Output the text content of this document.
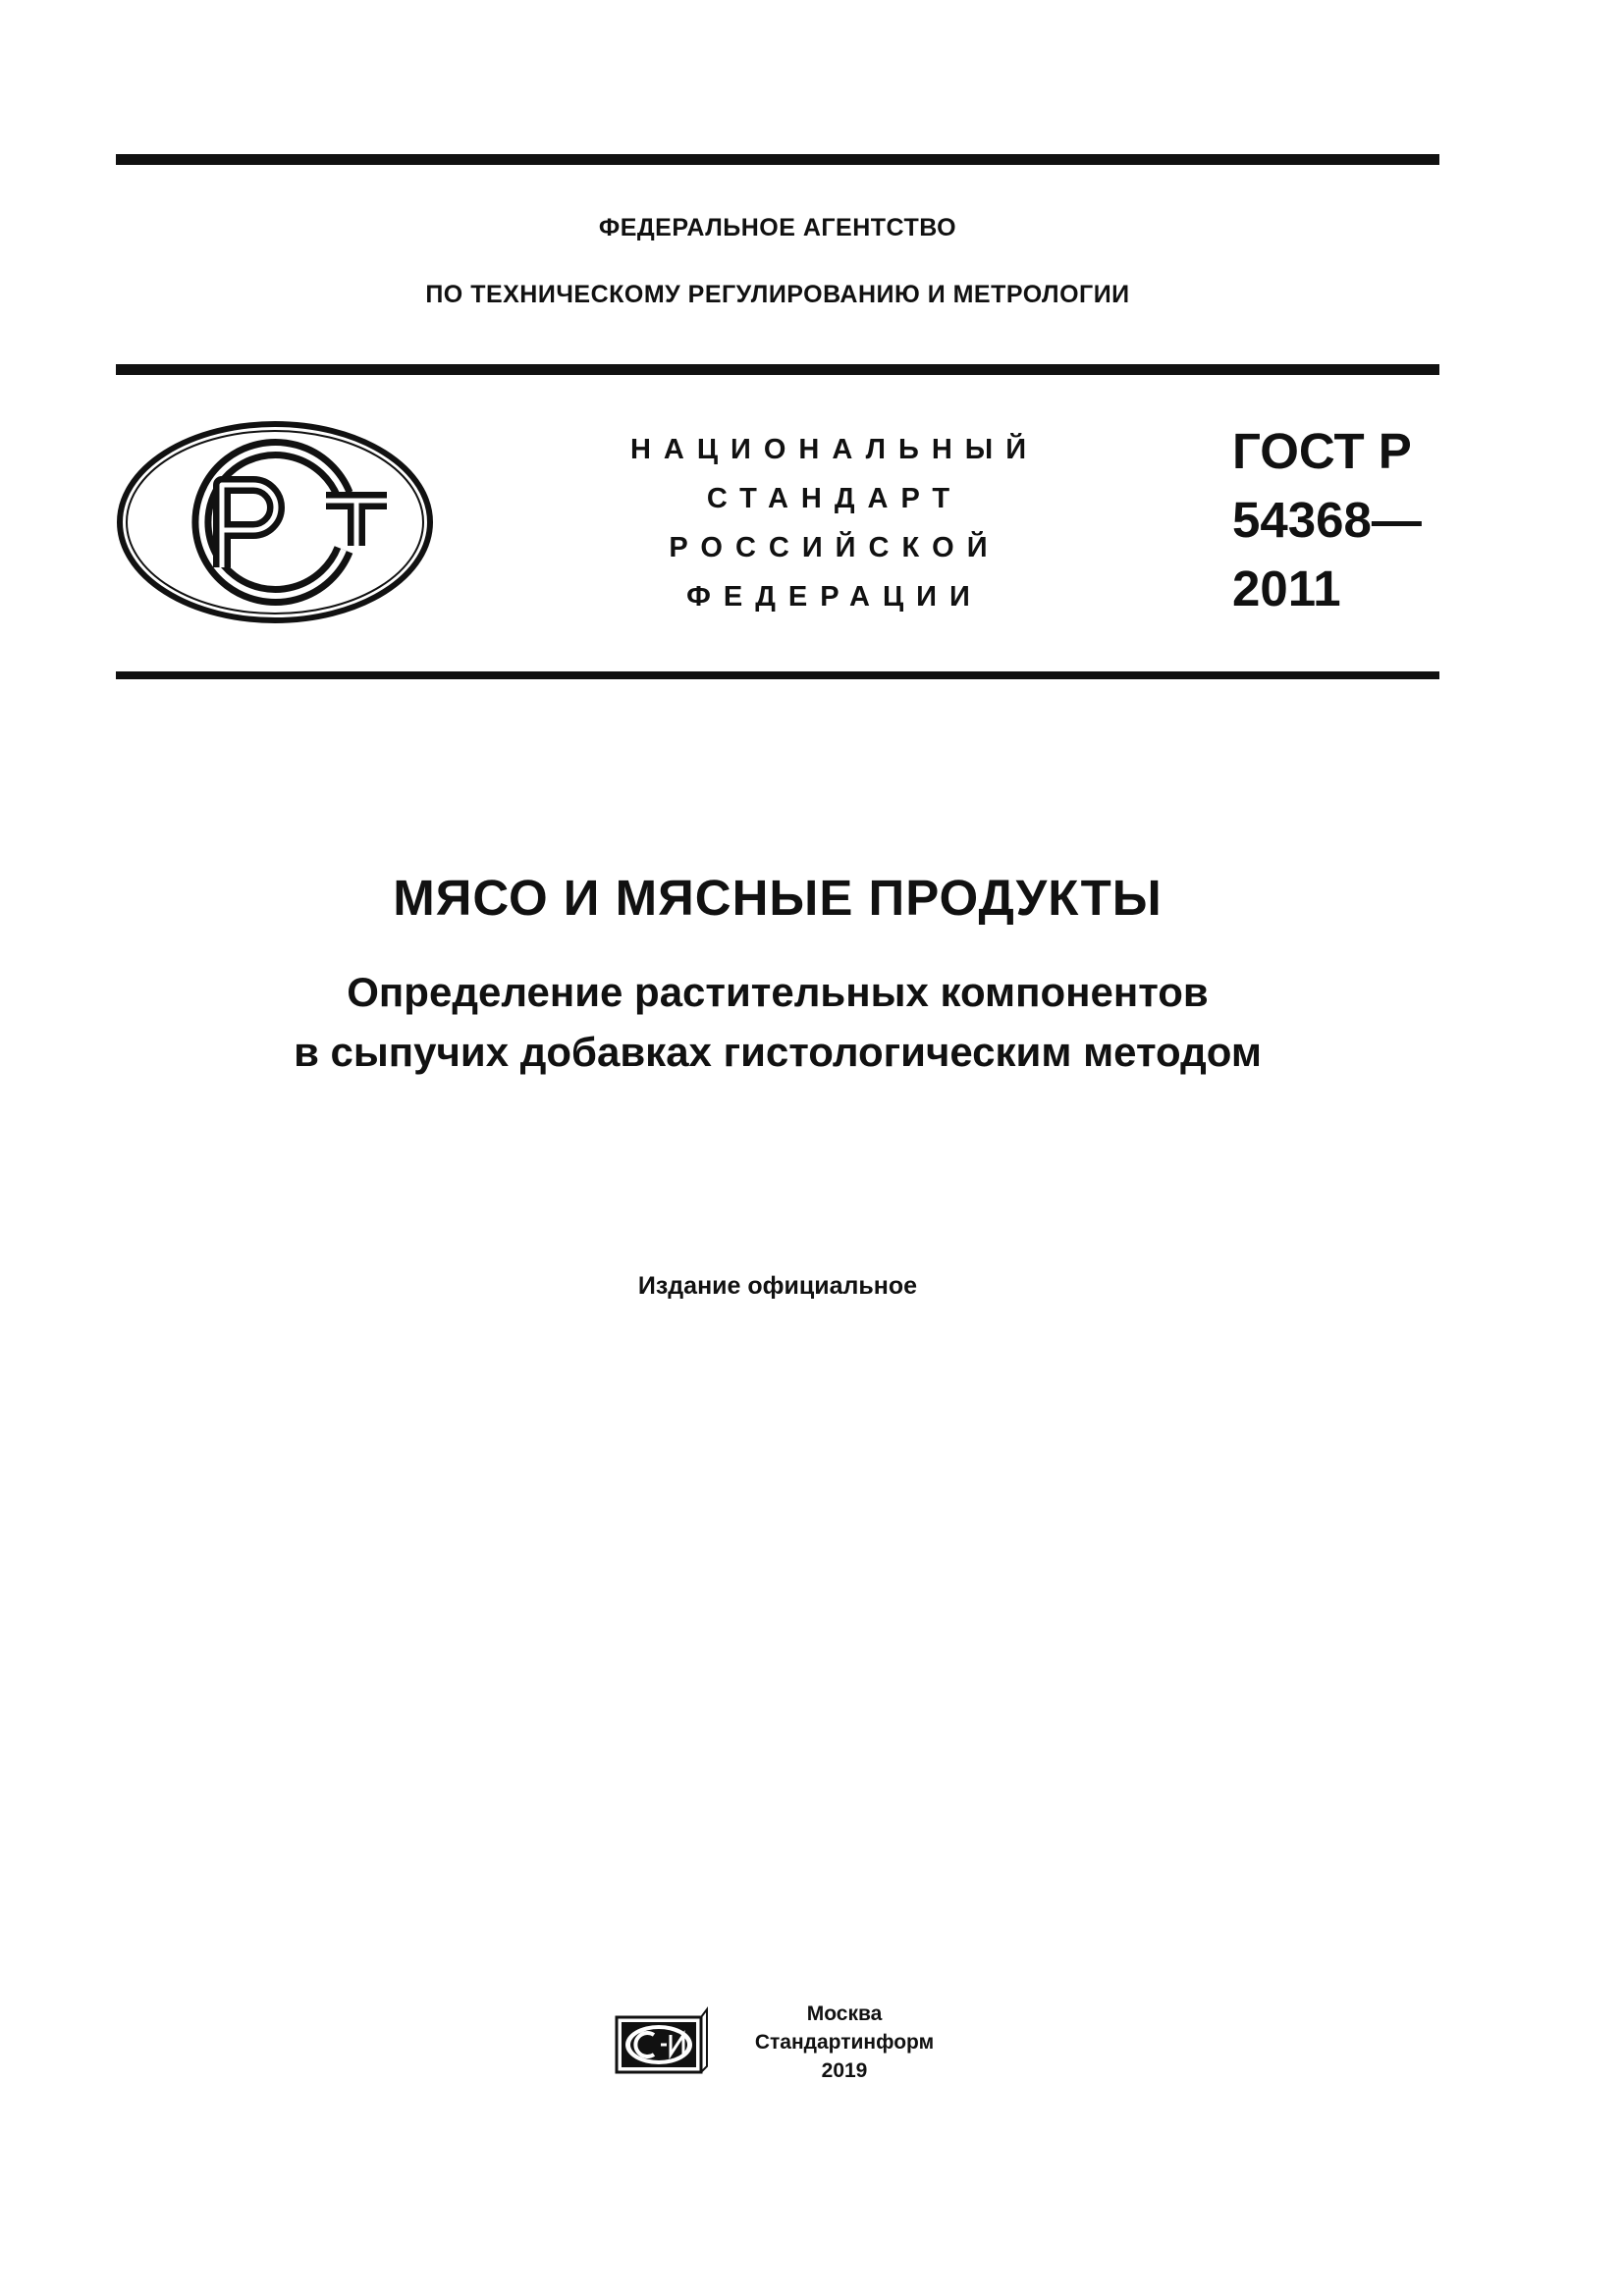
ФЕДЕРАЛЬНОЕ АГЕНТСТВО
ПО ТЕХНИЧЕСКОМУ РЕГУЛИРОВАНИЮ И МЕТРОЛОГИИ
НАЦИОНАЛЬНЫЙ
СТАНДАРТ
РОССИЙСКОЙ
ФЕДЕРАЦИИ
ГОСТ Р
54368—
2011
МЯСО И МЯСНЫЕ ПРОДУКТЫ
Определение растительных компонентов
в сыпучих добавках гистологическим методом
Издание официальное
Москва
Стандартинформ
2019
